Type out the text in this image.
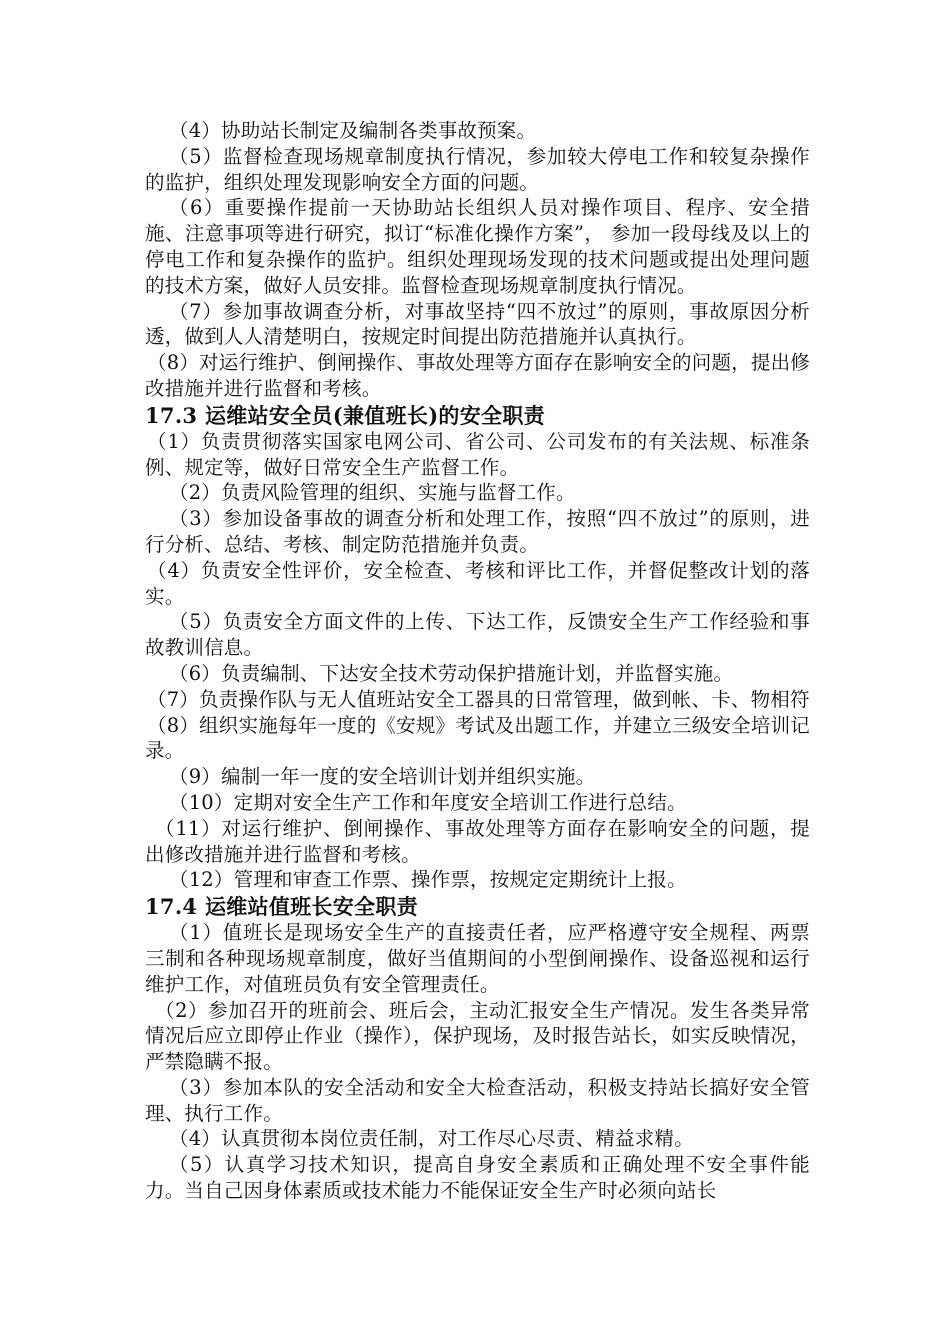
（4）协助站长制定及编制各类事故预案。

（5）监督检查现场规章制度执行情况，参加较大停电工作和较复杂操作的监护，组织处理发现影响安全方面的问题。

（6）重要操作提前一天协助站长组织人员对操作项目、程序、安全措施、注意事项等进行研究，拟订“标准化操作方案”， 参加一段母线及以上的停电工作和复杂操作的监护。组织处理现场发现的技术问题或提出处理问题的技术方案，做好人员安排。监督检查现场规章制度执行情况。

（7）参加事故调查分析，对事故坚持“四不放过”的原则，事故原因分析透，做到人人清楚明白，按规定时间提出防范措施并认真执行。

（8）对运行维护、倒闸操作、事故处理等方面存在影响安全的问题，提出修改措施并进行监督和考核。

17.3 运维站安全员(兼值班长)的安全职责

（1）负责贯彻落实国家电网公司、省公司、公司发布的有关法规、标准条例、规定等，做好日常安全生产监督工作。

（2）负责风险管理的组织、实施与监督工作。

（3）参加设备事故的调查分析和处理工作，按照“四不放过”的原则，进行分析、总结、考核、制定防范措施并负责。

（4）负责安全性评价，安全检查、考核和评比工作，并督促整改计划的落实。

（5）负责安全方面文件的上传、下达工作，反馈安全生产工作经验和事故教训信息。

（6）负责编制、下达安全技术劳动保护措施计划，并监督实施。

（7）负责操作队与无人值班站安全工器具的日常管理，做到帐、卡、物相符

（8）组织实施每年一度的《安规》考试及出题工作，并建立三级安全培训记录。

（9）编制一年一度的安全培训计划并组织实施。

（10）定期对安全生产工作和年度安全培训工作进行总结。

（11）对运行维护、倒闸操作、事故处理等方面存在影响安全的问题，提出修改措施并进行监督和考核。

（12）管理和审查工作票、操作票，按规定定期统计上报。

17.4 运维站值班长安全职责

（1）值班长是现场安全生产的直接责任者，应严格遵守安全规程、两票三制和各种现场规章制度，做好当值期间的小型倒闸操作、设备巡视和运行维护工作，对值班员负有安全管理责任。

（2）参加召开的班前会、班后会，主动汇报安全生产情况。发生各类异常情况后应立即停止作业（操作），保护现场，及时报告站长，如实反映情况，严禁隐瞒不报。

（3）参加本队的安全活动和安全大检查活动，积极支持站长搞好安全管理、执行工作。

（4）认真贯彻本岗位责任制，对工作尽心尽责、精益求精。

（5）认真学习技术知识，提高自身安全素质和正确处理不安全事件能力。当自己因身体素质或技术能力不能保证安全生产时必须向站长
